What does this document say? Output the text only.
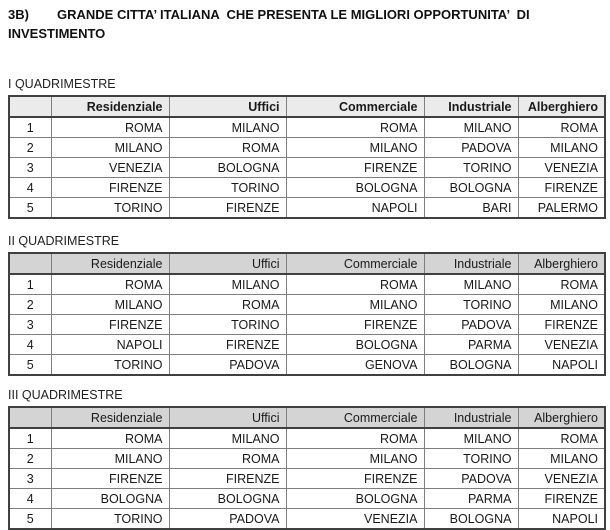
3B) GRANDE CITTA’ ITALIANA  CHE PRESENTA LE MIGLIORI OPPORTUNITA’  DI
INVESTIMENTO
I QUADRIMESTRE
	Residenziale	Uffici	Commerciale	Industriale	Alberghiero
1	ROMA	MILANO	ROMA	MILANO	ROMA
2	MILANO	ROMA	MILANO	PADOVA	MILANO
3	VENEZIA	BOLOGNA	FIRENZE	TORINO	VENEZIA
4	FIRENZE	TORINO	BOLOGNA	BOLOGNA	FIRENZE
5	TORINO	FIRENZE	NAPOLI	BARI	PALERMO
II QUADRIMESTRE
	Residenziale	Uffici	Commerciale	Industriale	Alberghiero
1	ROMA	MILANO	ROMA	MILANO	ROMA
2	MILANO	ROMA	MILANO	TORINO	MILANO
3	FIRENZE	TORINO	FIRENZE	PADOVA	FIRENZE
4	NAPOLI	FIRENZE	BOLOGNA	PARMA	VENEZIA
5	TORINO	PADOVA	GENOVA	BOLOGNA	NAPOLI
III QUADRIMESTRE
	Residenziale	Uffici	Commerciale	Industriale	Alberghiero
1	ROMA	MILANO	ROMA	MILANO	ROMA
2	MILANO	ROMA	MILANO	TORINO	MILANO
3	FIRENZE	FIRENZE	FIRENZE	PADOVA	VENEZIA
4	BOLOGNA	BOLOGNA	BOLOGNA	PARMA	FIRENZE
5	TORINO	PADOVA	VENEZIA	BOLOGNA	NAPOLI
